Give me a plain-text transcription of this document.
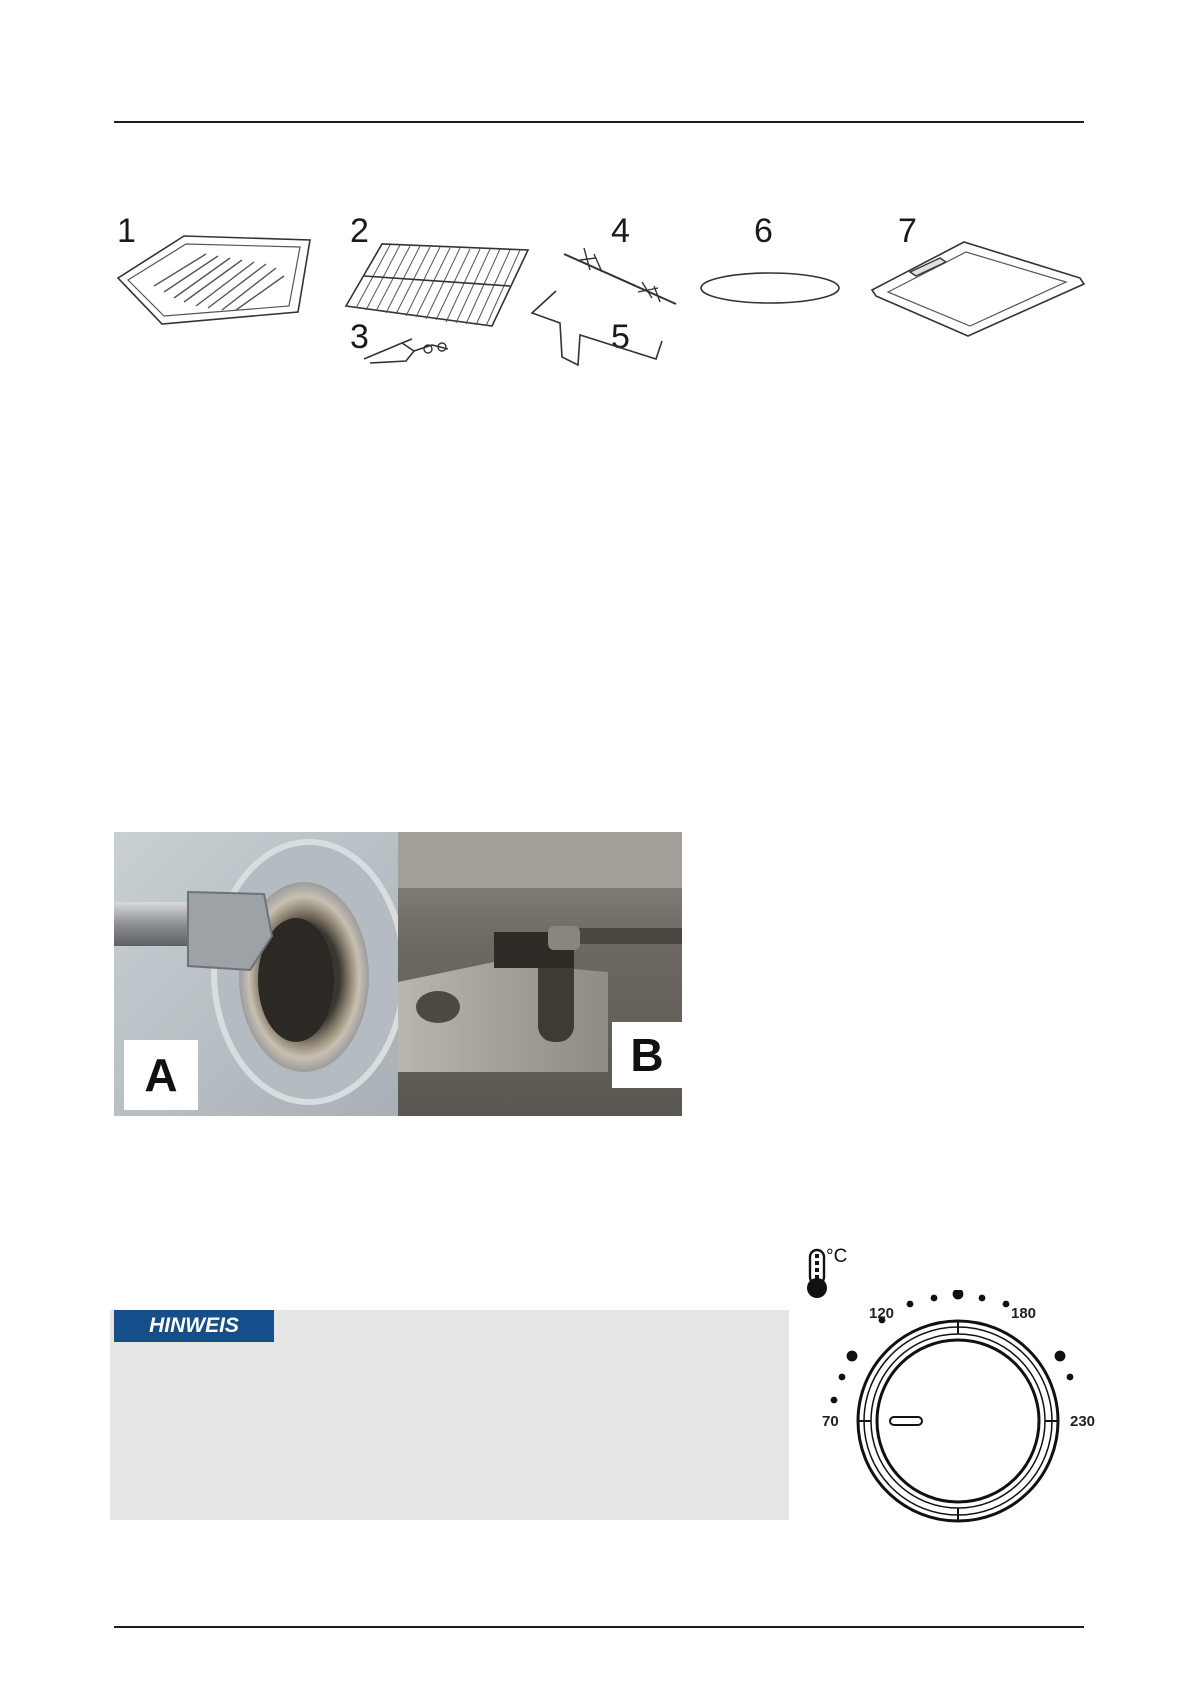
1	2
3
4
5
6	7
A	B
HINWEIS
°C
70
120	180
230
